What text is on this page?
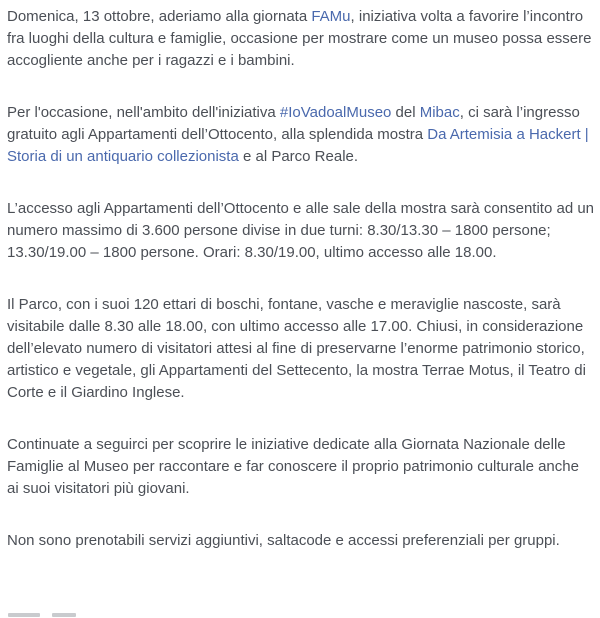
Domenica, 13 ottobre, aderiamo alla giornata FAMu, iniziativa volta a favorire l’incontro fra luoghi della cultura e famiglie, occasione per mostrare come un museo possa essere accogliente anche per i ragazzi e i bambini.

Per l'occasione, nell'ambito dell'iniziativa #IoVadoalMuseo del Mibac, ci sarà l’ingresso gratuito agli Appartamenti dell’Ottocento, alla splendida mostra Da Artemisia a Hackert | Storia di un antiquario collezionista e al Parco Reale.

L’accesso agli Appartamenti dell’Ottocento e alle sale della mostra sarà consentito ad un numero massimo di 3.600 persone divise in due turni: 8.30/13.30 – 1800 persone; 13.30/19.00 – 1800 persone. Orari: 8.30/19.00, ultimo accesso alle 18.00.

Il Parco, con i suoi 120 ettari di boschi, fontane, vasche e meraviglie nascoste, sarà visitabile dalle 8.30 alle 18.00, con ultimo accesso alle 17.00. Chiusi, in considerazione dell’elevato numero di visitatori attesi al fine di preservarne l’enorme patrimonio storico, artistico e vegetale, gli Appartamenti del Settecento, la mostra Terrae Motus, il Teatro di Corte e il Giardino Inglese.

Continuate a seguirci per scoprire le iniziative dedicate alla Giornata Nazionale delle Famiglie al Museo per raccontare e far conoscere il proprio patrimonio culturale anche ai suoi visitatori più giovani.

Non sono prenotabili servizi aggiuntivi, saltacode e accessi preferenziali per gruppi.
